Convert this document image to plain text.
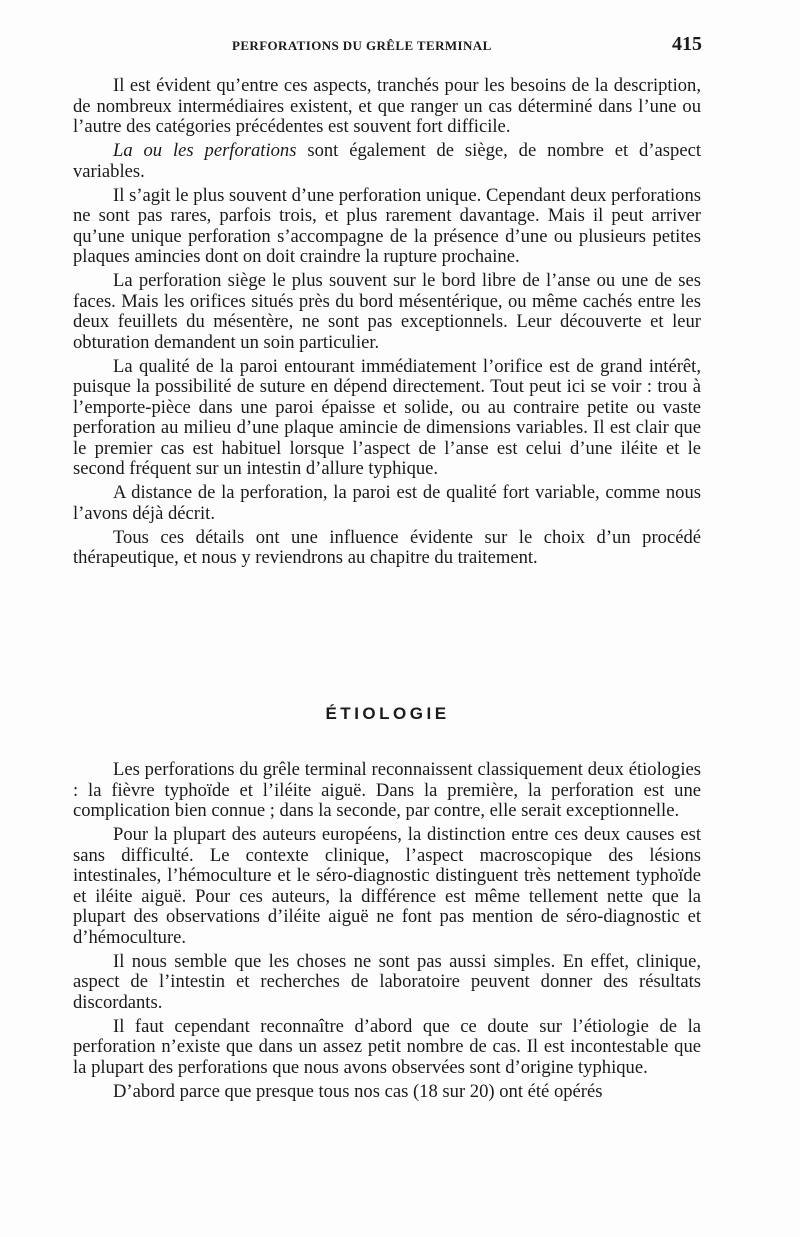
PERFORATIONS DU GRÊLE TERMINAL	415

Il est évident qu’entre ces aspects, tranchés pour les besoins de la description, de nombreux intermédiaires existent, et que ranger un cas déterminé dans l’une ou l’autre des catégories précédentes est souvent fort difficile.

La ou les perforations sont également de siège, de nombre et d’aspect variables.

Il s’agit le plus souvent d’une perforation unique. Cependant deux perforations ne sont pas rares, parfois trois, et plus rarement davantage. Mais il peut arriver qu’une unique perforation s’accompagne de la présence d’une ou plusieurs petites plaques amincies dont on doit craindre la rupture prochaine.

La perforation siège le plus souvent sur le bord libre de l’anse ou une de ses faces. Mais les orifices situés près du bord mésentérique, ou même cachés entre les deux feuillets du mésentère, ne sont pas exceptionnels. Leur découverte et leur obturation demandent un soin particulier.

La qualité de la paroi entourant immédiatement l’orifice est de grand intérêt, puisque la possibilité de suture en dépend directement. Tout peut ici se voir : trou à l’emporte-pièce dans une paroi épaisse et solide, ou au contraire petite ou vaste perforation au milieu d’une plaque amincie de dimensions variables. Il est clair que le premier cas est habituel lorsque l’aspect de l’anse est celui d’une iléite et le second fréquent sur un intestin d’allure typhique.

A distance de la perforation, la paroi est de qualité fort variable, comme nous l’avons déjà décrit.

Tous ces détails ont une influence évidente sur le choix d’un procédé thérapeutique, et nous y reviendrons au chapitre du traitement.

ÉTIOLOGIE

Les perforations du grêle terminal reconnaissent classiquement deux étiologies : la fièvre typhoïde et l’iléite aiguë. Dans la première, la perforation est une complication bien connue ; dans la seconde, par contre, elle serait exceptionnelle.

Pour la plupart des auteurs européens, la distinction entre ces deux causes est sans difficulté. Le contexte clinique, l’aspect macroscopique des lésions intestinales, l’hémoculture et le séro-diagnostic distinguent très nettement typhoïde et iléite aiguë. Pour ces auteurs, la différence est même tellement nette que la plupart des observations d’iléite aiguë ne font pas mention de séro-diagnostic et d’hémoculture.

Il nous semble que les choses ne sont pas aussi simples. En effet, clinique, aspect de l’intestin et recherches de laboratoire peuvent donner des résultats discordants.

Il faut cependant reconnaître d’abord que ce doute sur l’étiologie de la perforation n’existe que dans un assez petit nombre de cas. Il est incontestable que la plupart des perforations que nous avons observées sont d’origine typhique.

D’abord parce que presque tous nos cas (18 sur 20) ont été opérés
